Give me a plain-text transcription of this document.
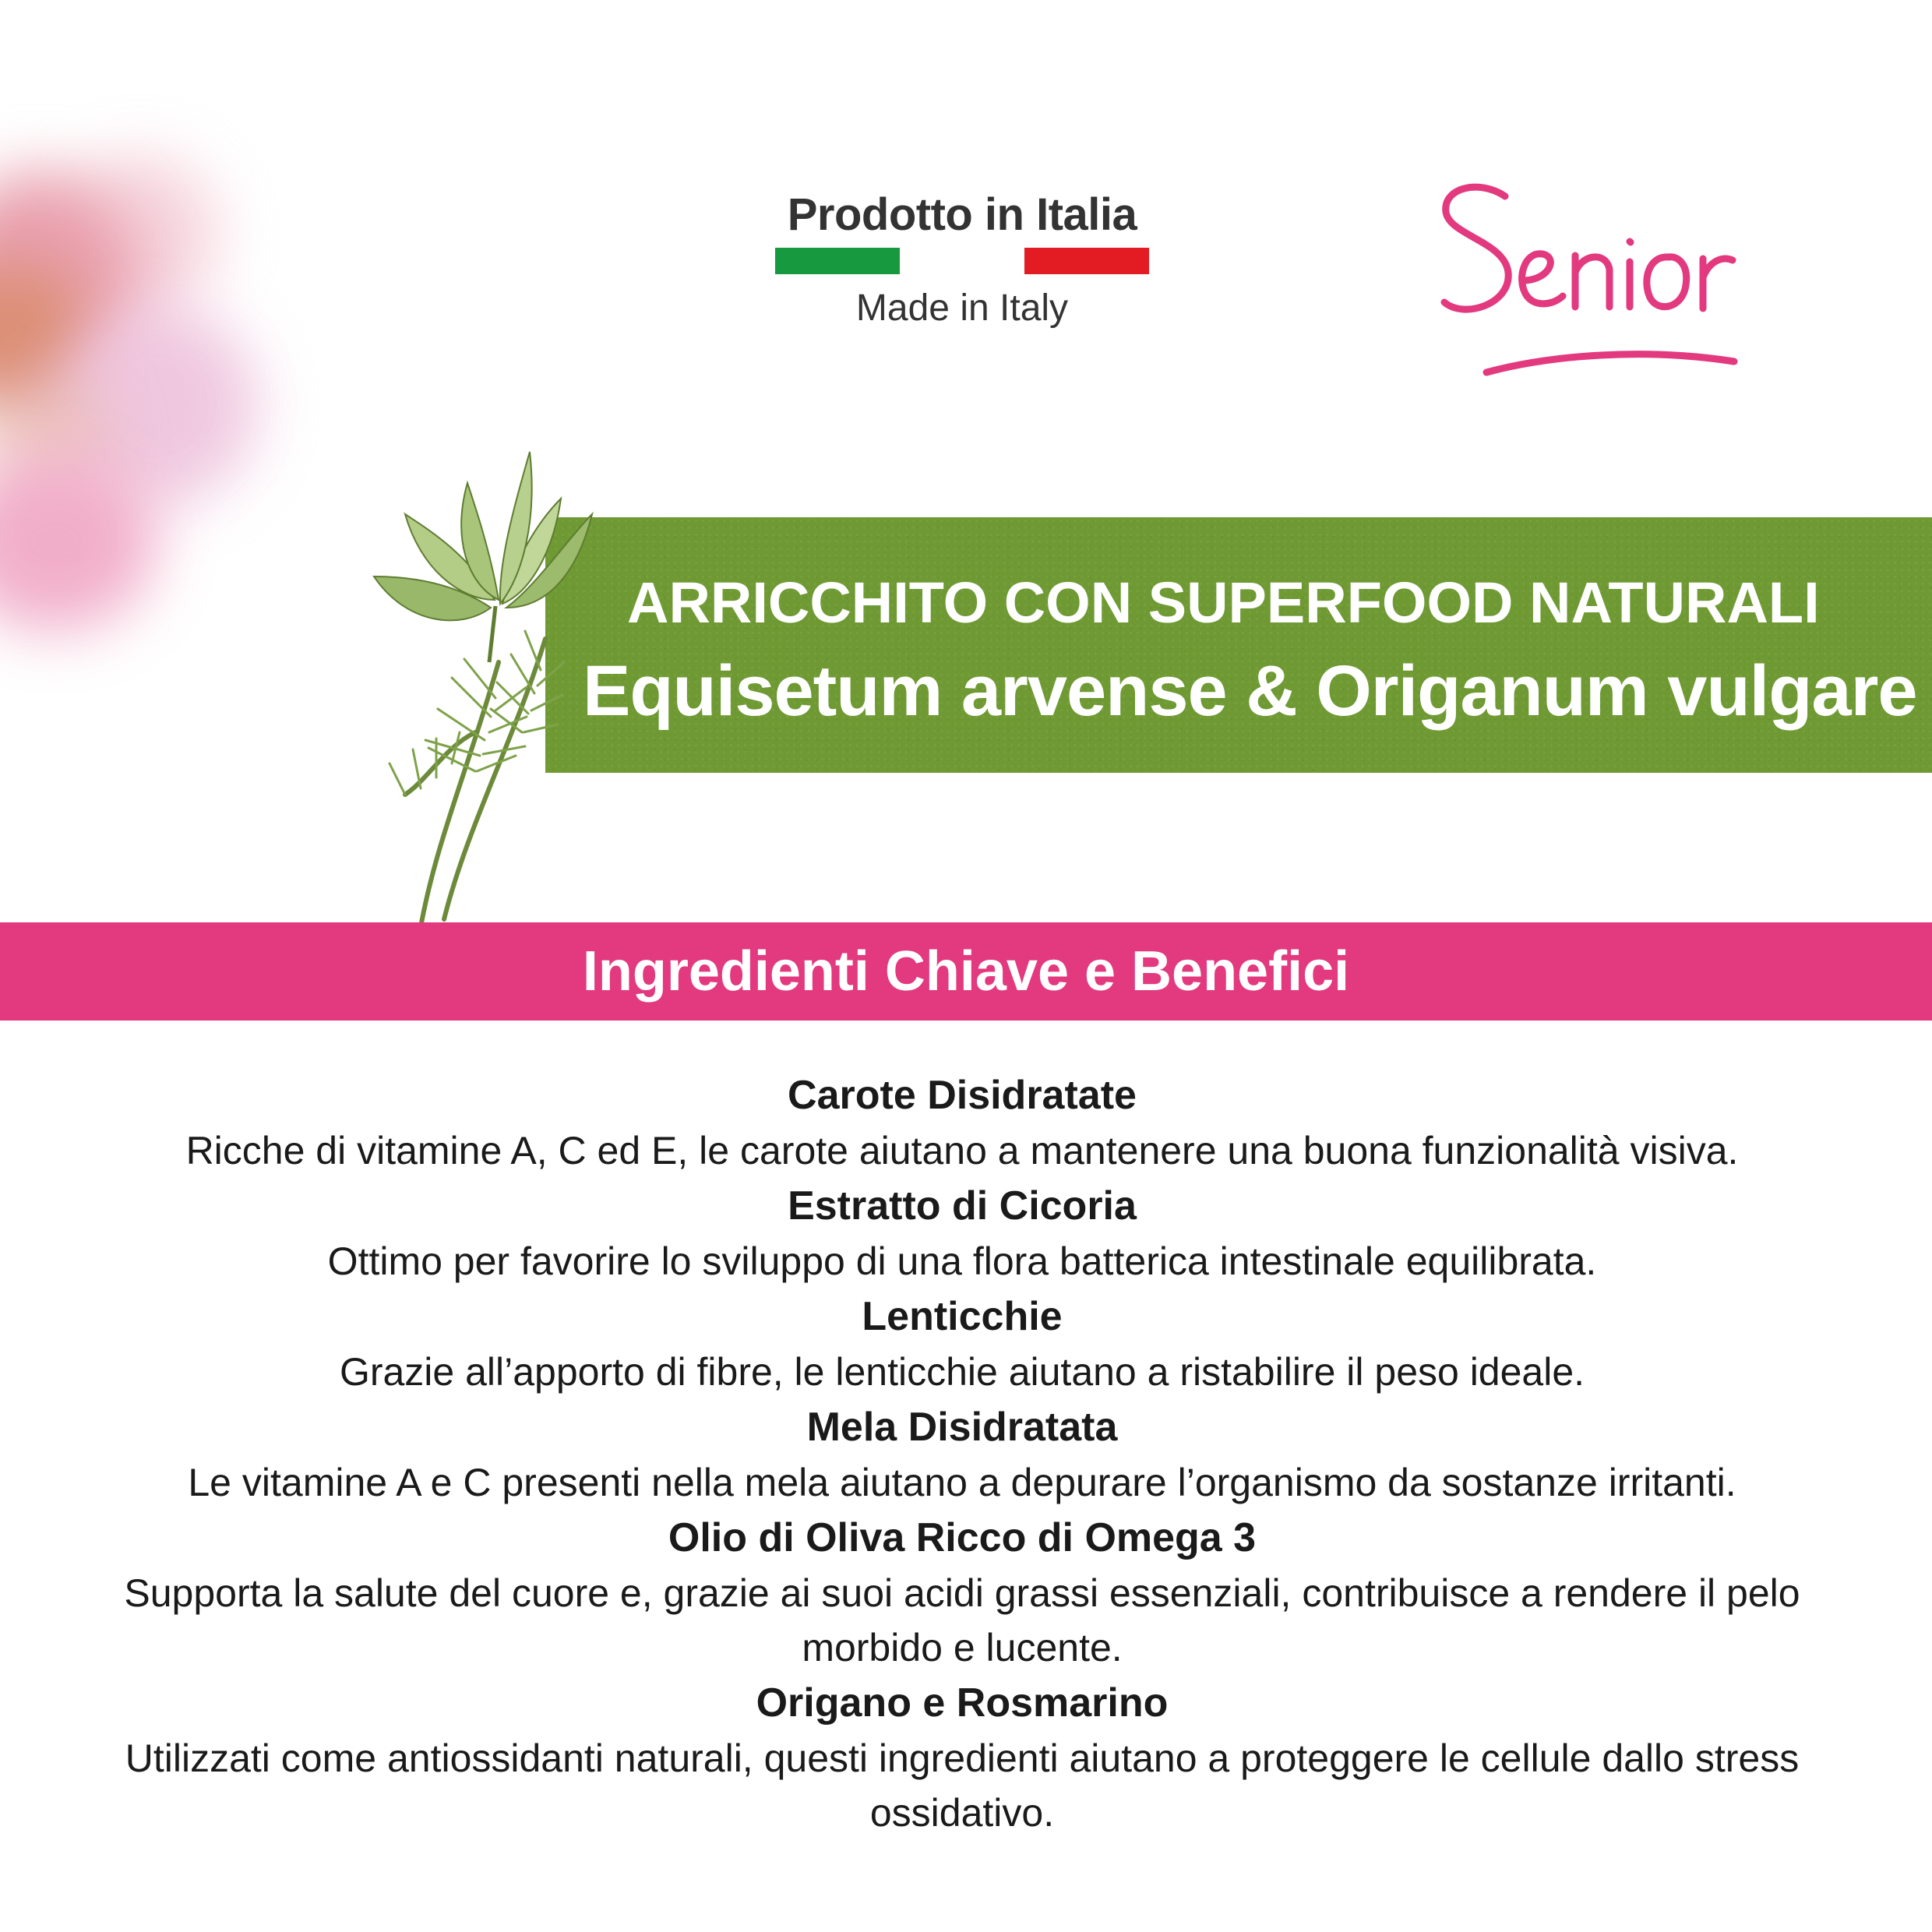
Prodotto in Italia
Made in Italy
ARRICCHITO CON SUPERFOOD NATURALI
Equisetum arvense & Origanum vulgare
Ingredienti Chiave e Benefici
Carote Disidratate
Ricche di vitamine A, C ed E, le carote aiutano a mantenere una buona funzionalità visiva.
Estratto di Cicoria
Ottimo per favorire lo sviluppo di una flora batterica intestinale equilibrata.
Lenticchie
Grazie all’apporto di fibre, le lenticchie aiutano a ristabilire il peso ideale.
Mela Disidratata
Le vitamine A e C presenti nella mela aiutano a depurare l’organismo da sostanze irritanti.
Olio di Oliva Ricco di Omega 3
Supporta la salute del cuore e, grazie ai suoi acidi grassi essenziali, contribuisce a rendere il pelo morbido e lucente.
Origano e Rosmarino
Utilizzati come antiossidanti naturali, questi ingredienti aiutano a proteggere le cellule dallo stress ossidativo.
